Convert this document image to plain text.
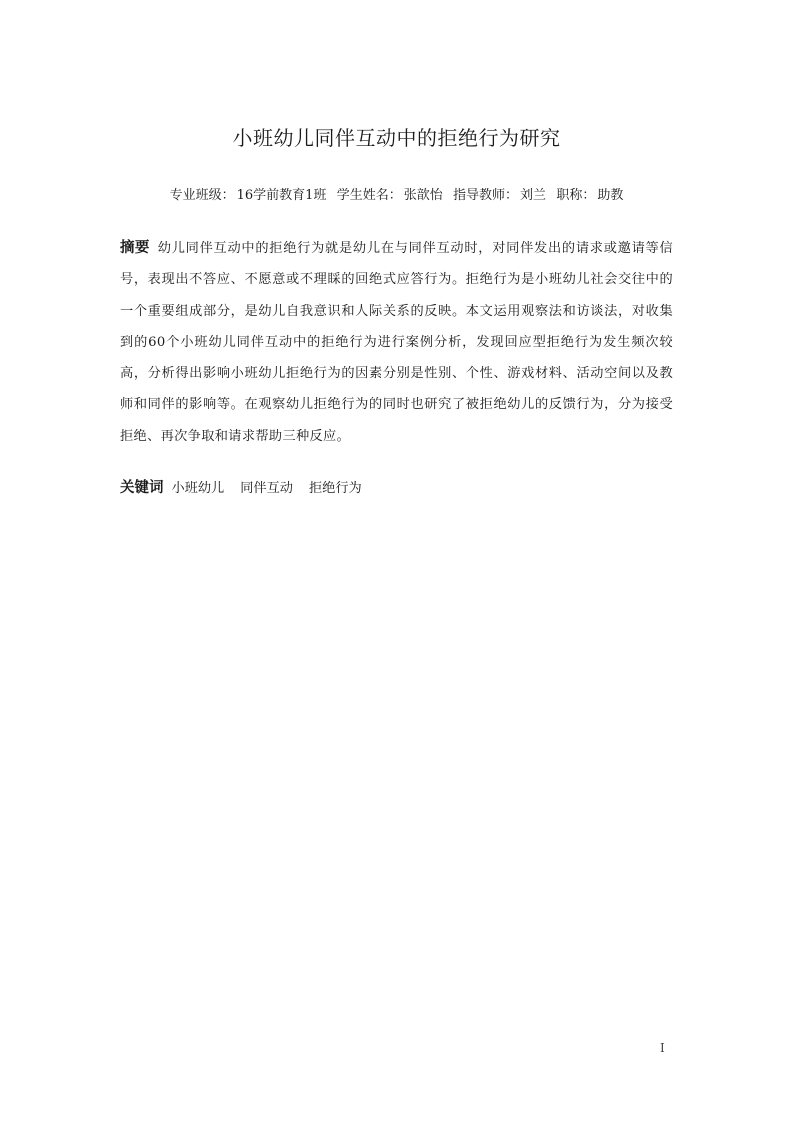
小班幼儿同伴互动中的拒绝行为研究
专业班级： 16学前教育1班 学生姓名： 张歆怡 指导教师： 刘兰 职称： 助教
摘要 幼儿同伴互动中的拒绝行为就是幼儿在与同伴互动时，对同伴发出的请求或邀请等信号，表现出不答应、不愿意或不理睬的回绝式应答行为。拒绝行为是小班幼儿社会交往中的一个重要组成部分，是幼儿自我意识和人际关系的反映。本文运用观察法和访谈法，对收集到的60个小班幼儿同伴互动中的拒绝行为进行案例分析，发现回应型拒绝行为发生频次较高，分析得出影响小班幼儿拒绝行为的因素分别是性别、个性、游戏材料、活动空间以及教师和同伴的影响等。在观察幼儿拒绝行为的同时也研究了被拒绝幼儿的反馈行为，分为接受拒绝、再次争取和请求帮助三种反应。
关键词 小班幼儿 同伴互动 拒绝行为
I
